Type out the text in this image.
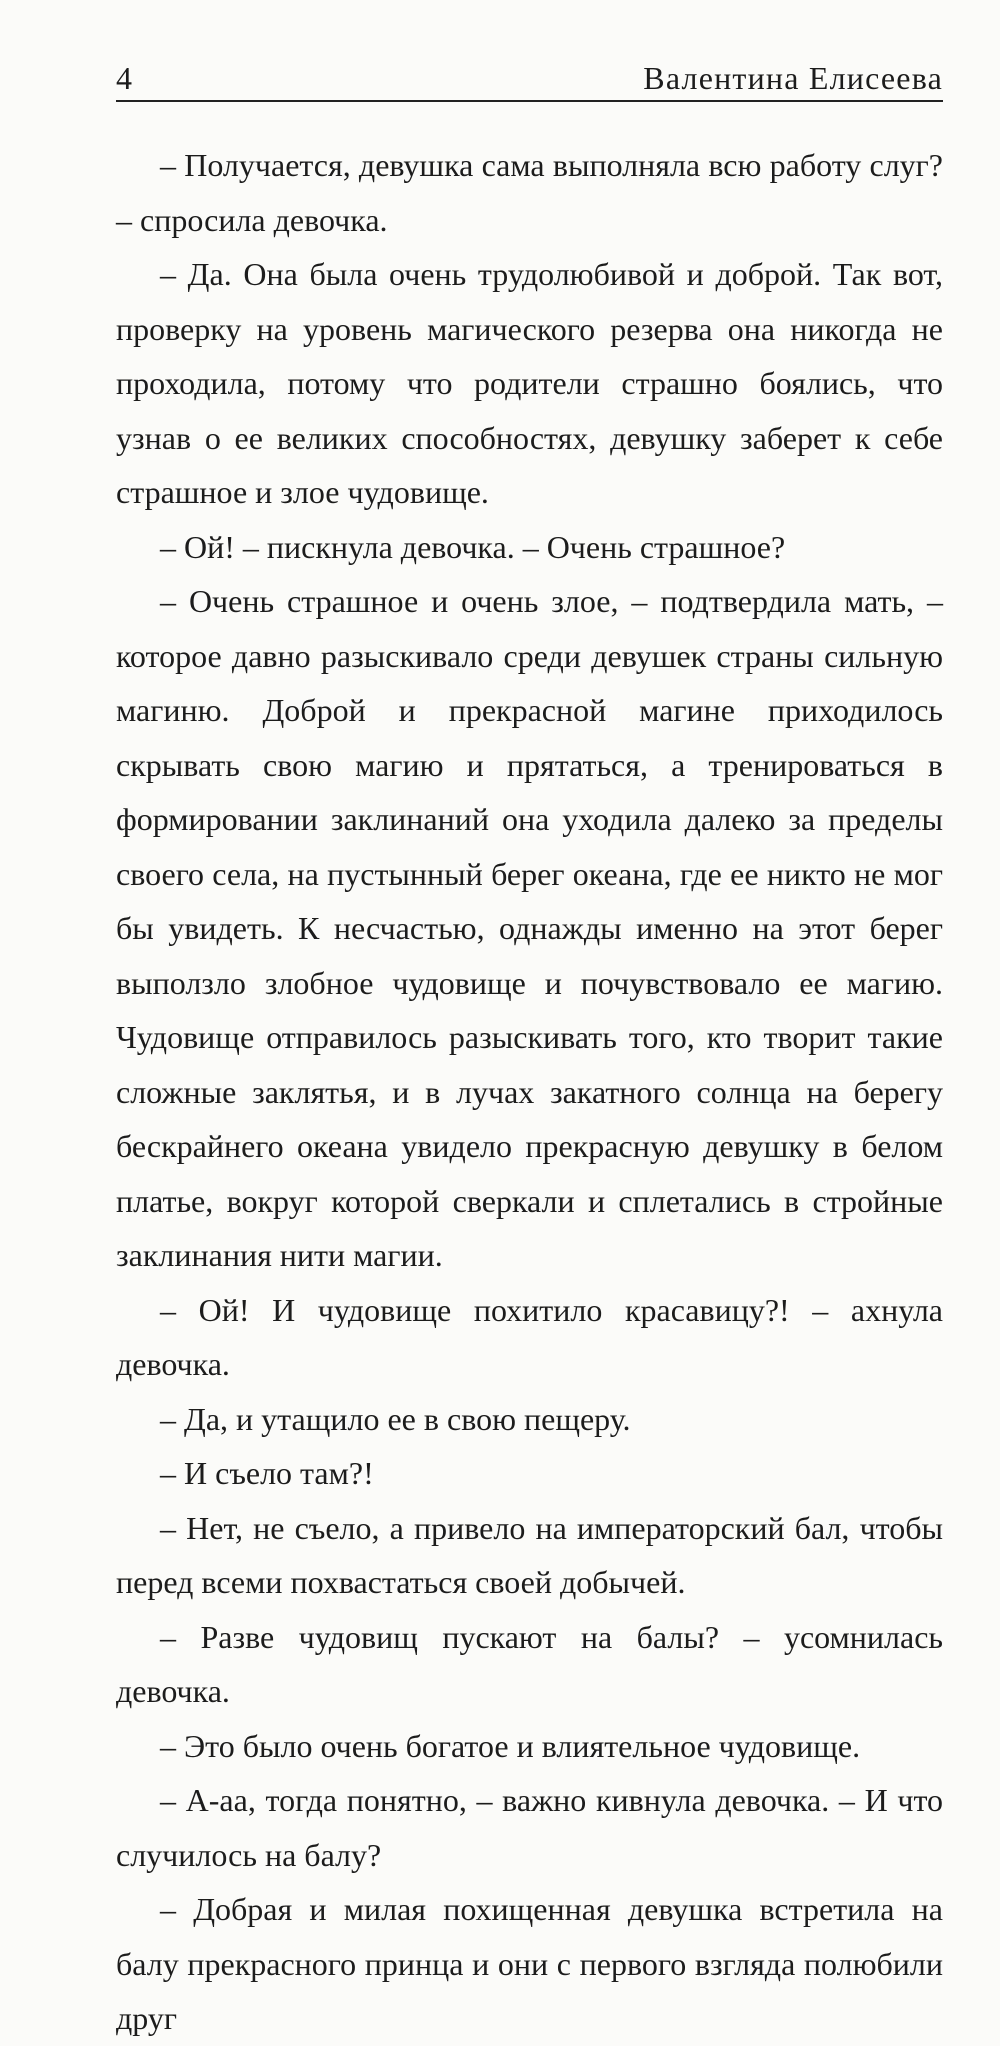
4	Валентина Елисеева

– Получается, девушка сама выполняла всю работу слуг? – спросила девочка.

– Да. Она была очень трудолюбивой и доброй. Так вот, проверку на уровень магического резерва она никогда не проходила, потому что родители страшно боялись, что узнав о ее великих способностях, девушку заберет к себе страшное и злое чудовище.

– Ой! – пискнула девочка. – Очень страшное?

– Очень страшное и очень злое, – подтвердила мать, – которое давно разыскивало среди девушек страны сильную магиню. Доброй и прекрасной магине приходилось скрывать свою магию и прятаться, а тренироваться в формировании заклинаний она уходила далеко за пределы своего села, на пустынный берег океана, где ее никто не мог бы увидеть. К несчастью, однажды именно на этот берег выползло злобное чудовище и почувствовало ее магию. Чудовище отправилось разыскивать того, кто творит такие сложные заклятья, и в лучах закатного солнца на берегу бескрайнего океана увидело прекрасную девушку в белом платье, вокруг которой сверкали и сплетались в стройные заклинания нити магии.

– Ой! И чудовище похитило красавицу?! – ахнула девочка.

– Да, и утащило ее в свою пещеру.

– И съело там?!

– Нет, не съело, а привело на императорский бал, чтобы перед всеми похвастаться своей добычей.

– Разве чудовищ пускают на балы? – усомнилась девочка.

– Это было очень богатое и влиятельное чудовище.

– А-аа, тогда понятно, – важно кивнула девочка. – И что случилось на балу?

– Добрая и милая похищенная девушка встретила на балу прекрасного принца и они с первого взгляда полюбили друг
